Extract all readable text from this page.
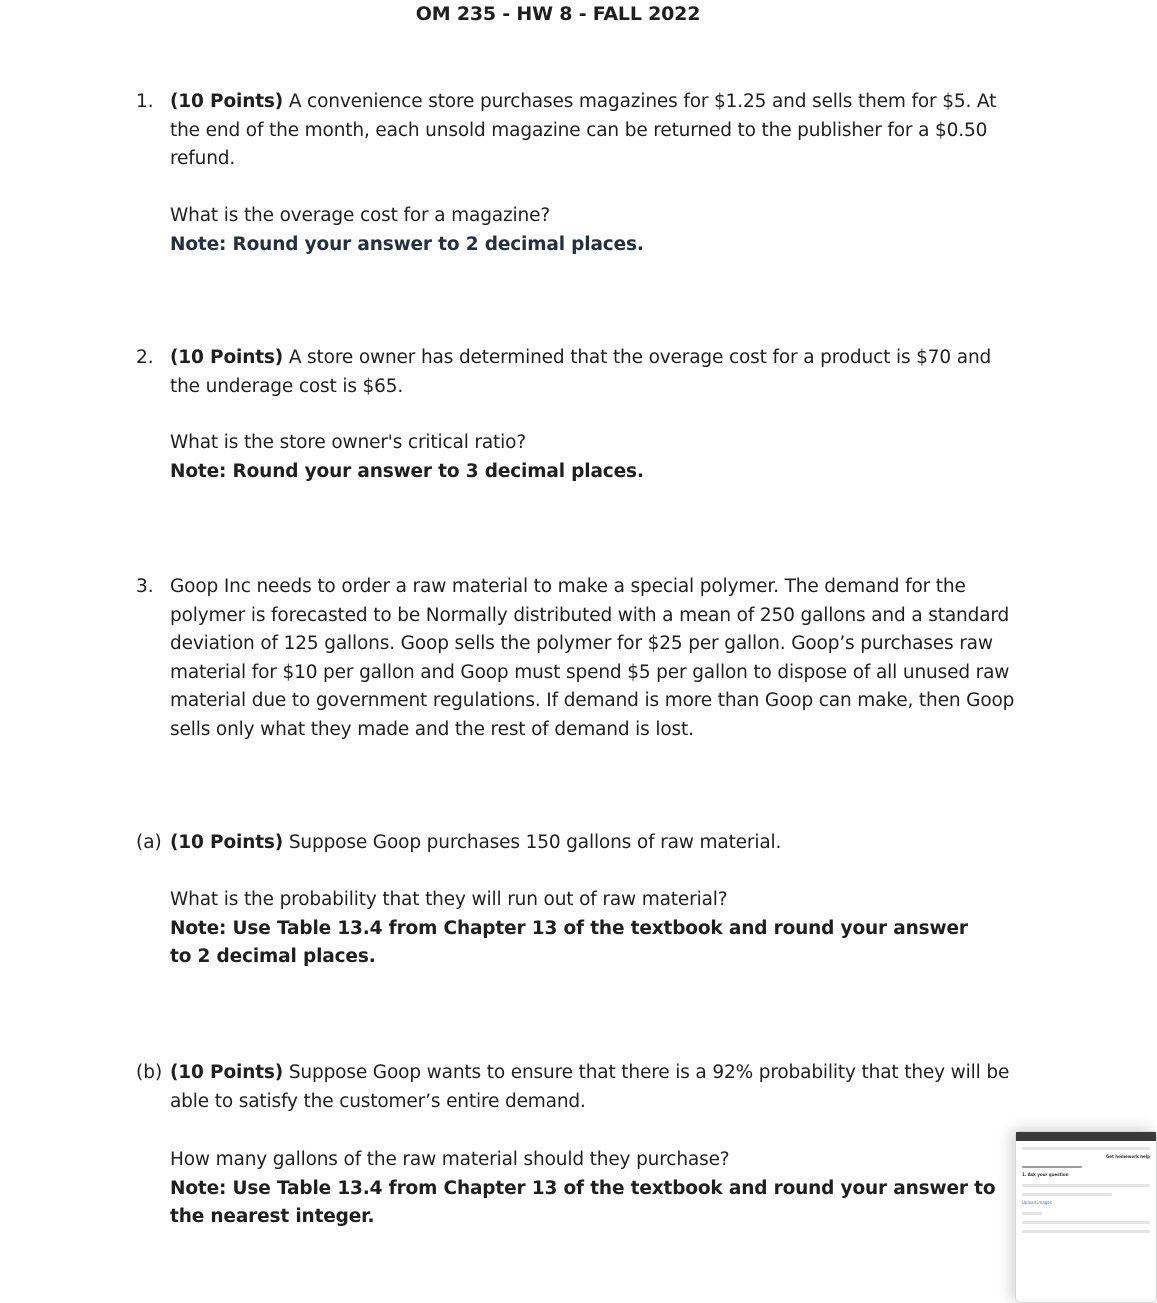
OM 235 - HW 8 - FALL 2022
1. (10 Points) A convenience store purchases magazines for $1.25 and sells them for $5. At the end of the month, each unsold magazine can be returned to the publisher for a $0.50 refund.

What is the overage cost for a magazine?

Note: Round your answer to 2 decimal places.

2. (10 Points) A store owner has determined that the overage cost for a product is $70 and the underage cost is $65.

What is the store owner's critical ratio?

Note: Round your answer to 3 decimal places.

3. Goop Inc needs to order a raw material to make a special polymer. The demand for the polymer is forecasted to be Normally distributed with a mean of 250 gallons and a standard deviation of 125 gallons. Goop sells the polymer for $25 per gallon. Goop’s purchases raw material for $10 per gallon and Goop must spend $5 per gallon to dispose of all unused raw material due to government regulations. If demand is more than Goop can make, then Goop sells only what they made and the rest of demand is lost.

(a) (10 Points) Suppose Goop purchases 150 gallons of raw material.

What is the probability that they will run out of raw material?

Note: Use Table 13.4 from Chapter 13 of the textbook and round your answer to 2 decimal places.

(b) (10 Points) Suppose Goop wants to ensure that there is a 92% probability that they will be able to satisfy the customer’s entire demand.

How many gallons of the raw material should they purchase?

Note: Use Table 13.4 from Chapter 13 of the textbook and round your answer to the nearest integer.

Get homework help
1. Ask your question
Upload images
